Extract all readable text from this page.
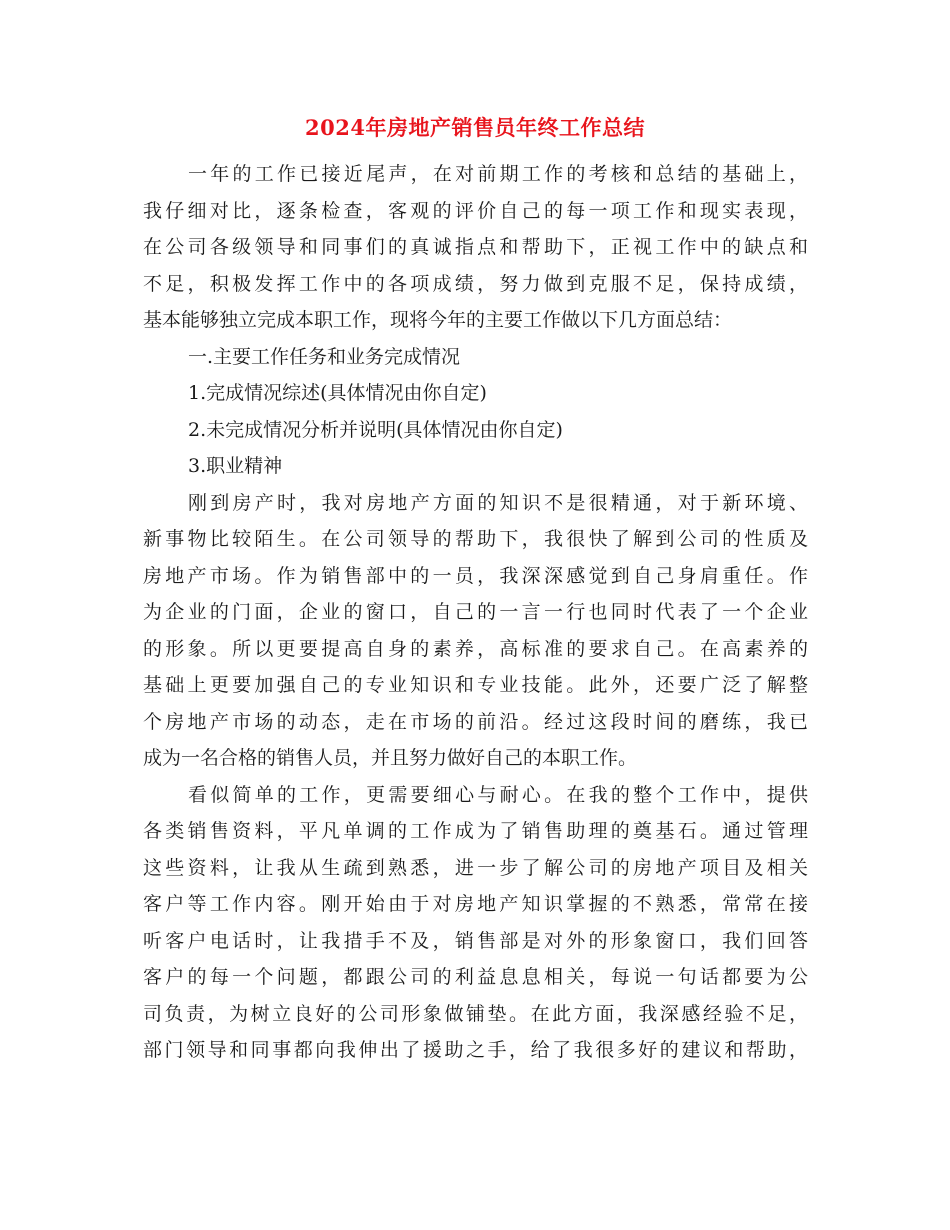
2024年房地产销售员年终工作总结
一年的工作已接近尾声，在对前期工作的考核和总结的基础上，
我仔细对比，逐条检查，客观的评价自己的每一项工作和现实表现，
在公司各级领导和同事们的真诚指点和帮助下，正视工作中的缺点和
不足，积极发挥工作中的各项成绩，努力做到克服不足，保持成绩，
基本能够独立完成本职工作，现将今年的主要工作做以下几方面总结：
一.主要工作任务和业务完成情况
1.完成情况综述(具体情况由你自定)
2.未完成情况分析并说明(具体情况由你自定)
3.职业精神
刚到房产时，我对房地产方面的知识不是很精通，对于新环境、
新事物比较陌生。在公司领导的帮助下，我很快了解到公司的性质及
房地产市场。作为销售部中的一员，我深深感觉到自己身肩重任。作
为企业的门面，企业的窗口，自己的一言一行也同时代表了一个企业
的形象。所以更要提高自身的素养，高标准的要求自己。在高素养的
基础上更要加强自己的专业知识和专业技能。此外，还要广泛了解整
个房地产市场的动态，走在市场的前沿。经过这段时间的磨练，我已
成为一名合格的销售人员，并且努力做好自己的本职工作。
看似简单的工作，更需要细心与耐心。在我的整个工作中，提供
各类销售资料，平凡单调的工作成为了销售助理的奠基石。通过管理
这些资料，让我从生疏到熟悉，进一步了解公司的房地产项目及相关
客户等工作内容。刚开始由于对房地产知识掌握的不熟悉，常常在接
听客户电话时，让我措手不及，销售部是对外的形象窗口，我们回答
客户的每一个问题，都跟公司的利益息息相关，每说一句话都要为公
司负责，为树立良好的公司形象做铺垫。在此方面，我深感经验不足，
部门领导和同事都向我伸出了援助之手，给了我很多好的建议和帮助，
